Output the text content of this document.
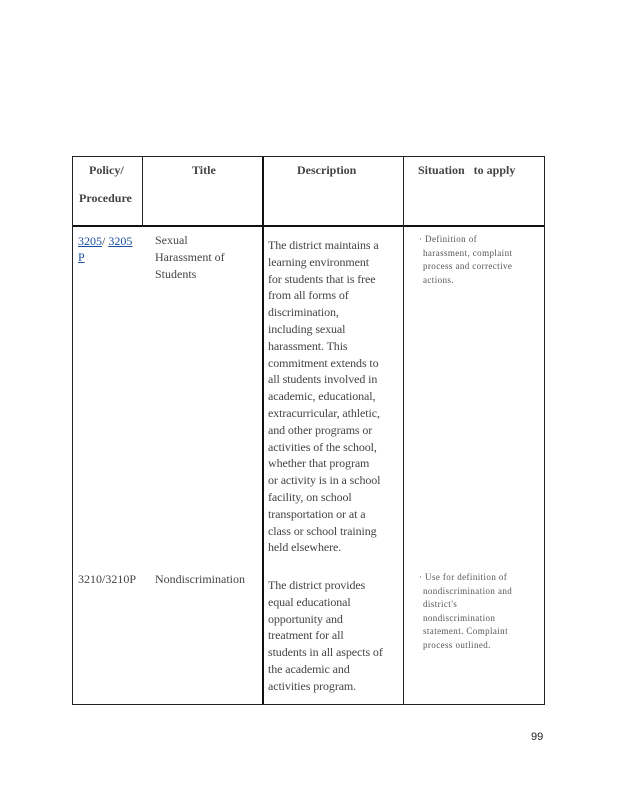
Policy/
Procedure
Title	Description	Situation   to apply
3205/ 3205
P
Sexual
Harassment of
Students
The district maintains a
learning environment
for students that is free
from all forms of
discrimination,
including sexual
harassment. This
commitment extends to
all students involved in
academic, educational,
extracurricular, athletic,
and other programs or
activities of the school,
whether that program
or activity is in a school
facility, on school
transportation or at a
class or school training
held elsewhere.
· Definition of
harassment, complaint
process and corrective
actions.
3210/3210P Nondiscrimination The district provides
equal educational
opportunity and
treatment for all
students in all aspects of
the academic and
activities program.
· Use for definition of
nondiscrimination and
district's
nondiscrimination
statement. Complaint
process outlined.
99
